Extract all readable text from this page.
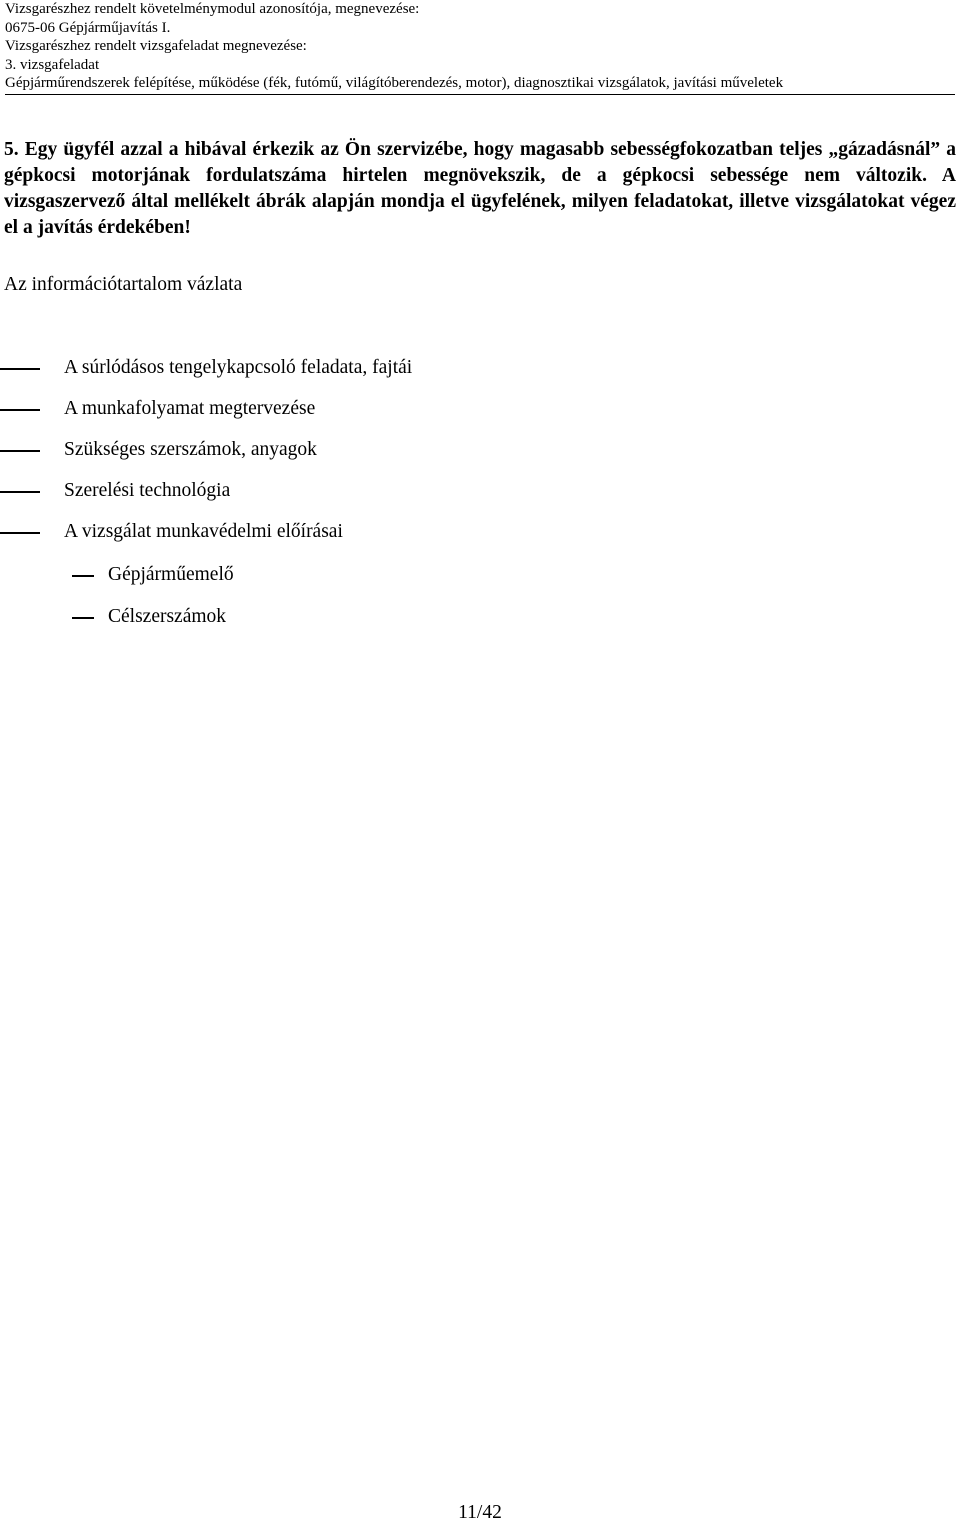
Vizsgarészhez rendelt követelménymodul azonosítója, megnevezése:
0675-06 Gépjárműjavítás I.
Vizsgarészhez rendelt vizsgafeladat megnevezése:
3. vizsgafeladat
Gépjárműrendszerek felépítése, működése (fék, futómű, világítóberendezés, motor), diagnosztikai vizsgálatok, javítási műveletek
5. Egy ügyfél azzal a hibával érkezik az Ön szervizébe, hogy magasabb sebességfokozatban teljes „gázadásnál” a gépkocsi motorjának fordulatszáma hirtelen megnövekszik, de a gépkocsi sebessége nem változik. A vizsgaszervező által mellékelt ábrák alapján mondja el ügyfelének, milyen feladatokat, illetve vizsgálatokat végez el a javítás érdekében!
Az információtartalom vázlata
A súrlódásos tengelykapcsoló feladata, fajtái
A munkafolyamat megtervezése
Szükséges szerszámok, anyagok
Szerelési technológia
A vizsgálat munkavédelmi előírásai
Gépjárműemelő
Célszerszámok
11/42
